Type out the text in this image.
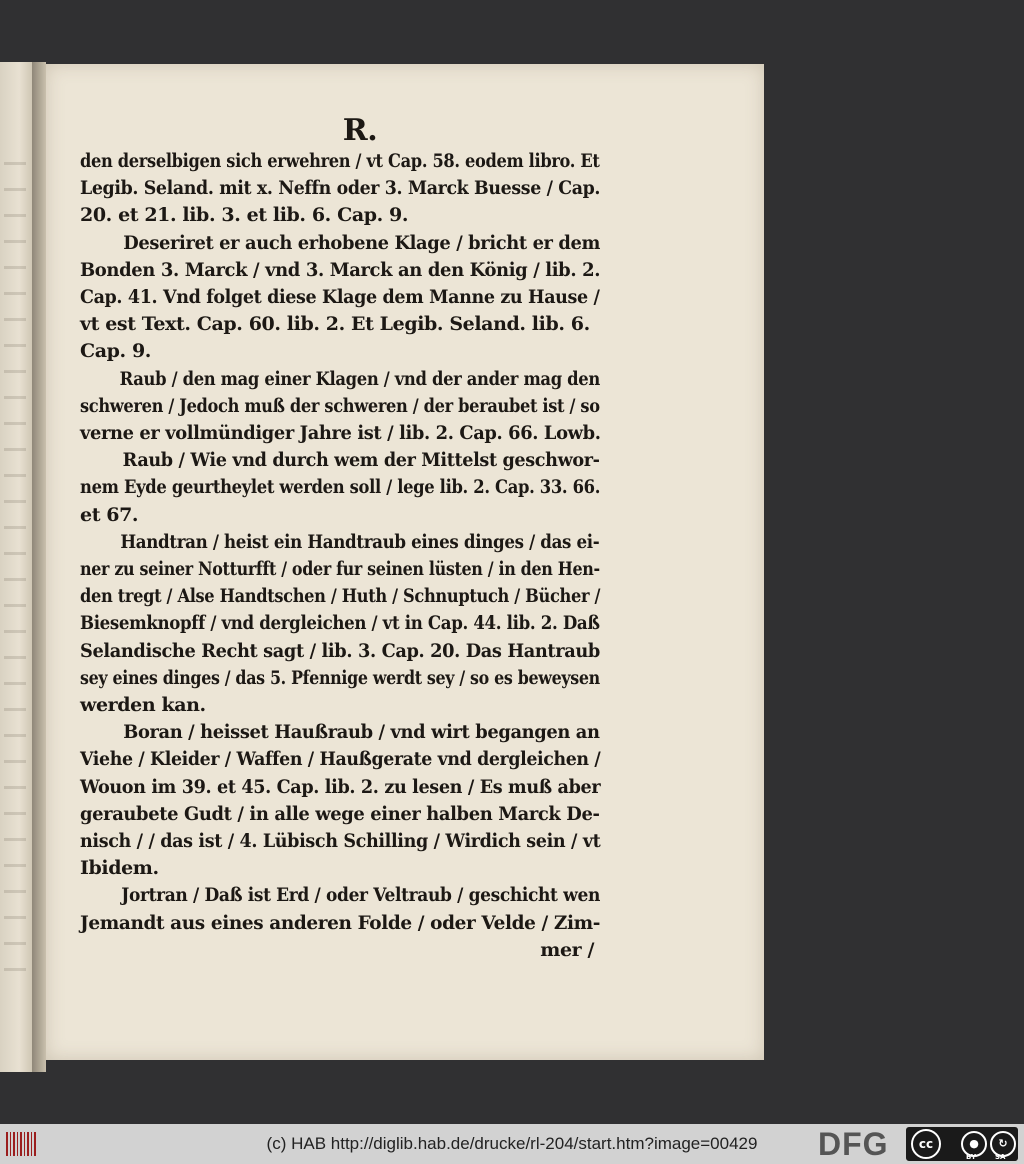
R.
den derselbigen sich erwehren / vt Cap. 58. eodem libro. Et
Legib. Seland. mit x. Neffn oder 3. Marck Buesse / Cap.
20. et 21. lib. 3. et lib. 6. Cap. 9.
Deseriret er auch erhobene Klage / bricht er dem
Bonden 3. Marck / vnd 3. Marck an den König / lib. 2.
Cap. 41. Vnd folget diese Klage dem Manne zu Hause /
vt est Text. Cap. 60. lib. 2. Et Legib. Seland. lib. 6.
Cap. 9.
Raub / den mag einer Klagen / vnd der ander mag den
schweren / Jedoch muß der schweren / der beraubet ist / so
verne er vollmündiger Jahre ist / lib. 2. Cap. 66. Lowb.
Raub / Wie vnd durch wem der Mittelst geschwor-
nem Eyde geurtheylet werden soll / lege lib. 2. Cap. 33. 66.
et 67.
Handtran / heist ein Handtraub eines dinges / das ei-
ner zu seiner Notturfft / oder fur seinen lüsten / in den Hen-
den tregt / Alse Handtschen / Huth / Schnuptuch / Bücher /
Biesemknopff / vnd dergleichen / vt in Cap. 44. lib. 2. Daß
Selandische Recht sagt / lib. 3. Cap. 20. Das Hantraub
sey eines dinges / das 5. Pfennige werdt sey / so es beweysen
werden kan.
Boran / heisset Haußraub / vnd wirt begangen an
Viehe / Kleider / Waffen / Haußgerate vnd dergleichen /
Wouon im 39. et 45. Cap. lib. 2. zu lesen / Es muß aber
geraubete Gudt / in alle wege einer halben Marck De-
nisch / / das ist / 4. Lübisch Schilling / Wirdich sein / vt
Ibidem.
Jortran / Daß ist Erd / oder Veltraub / geschicht wen
Jemandt aus eines anderen Folde / oder Velde / Zim-
mer /
(c) HAB http://diglib.hab.de/drucke/rl-204/start.htm?image=00429	DFG	cc	●	↻
BY	SA
